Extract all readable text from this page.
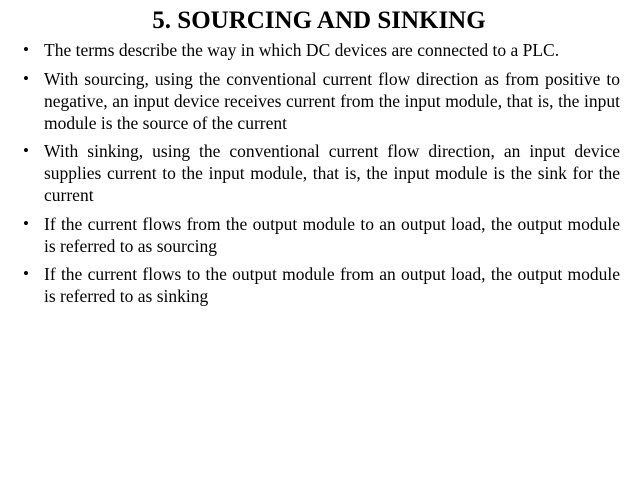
5. SOURCING AND SINKING
• The terms describe the way in which DC devices are connected to a PLC.
• With sourcing, using the conventional current flow direction as from positive to negative, an input device receives current from the input module, that is, the input module is the source of the current
• With sinking, using the conventional current flow direction, an input device supplies current to the input module, that is, the input module is the sink for the current
• If the current flows from the output module to an output load, the output module is referred to as sourcing
• If the current flows to the output module from an output load, the output module is referred to as sinking
